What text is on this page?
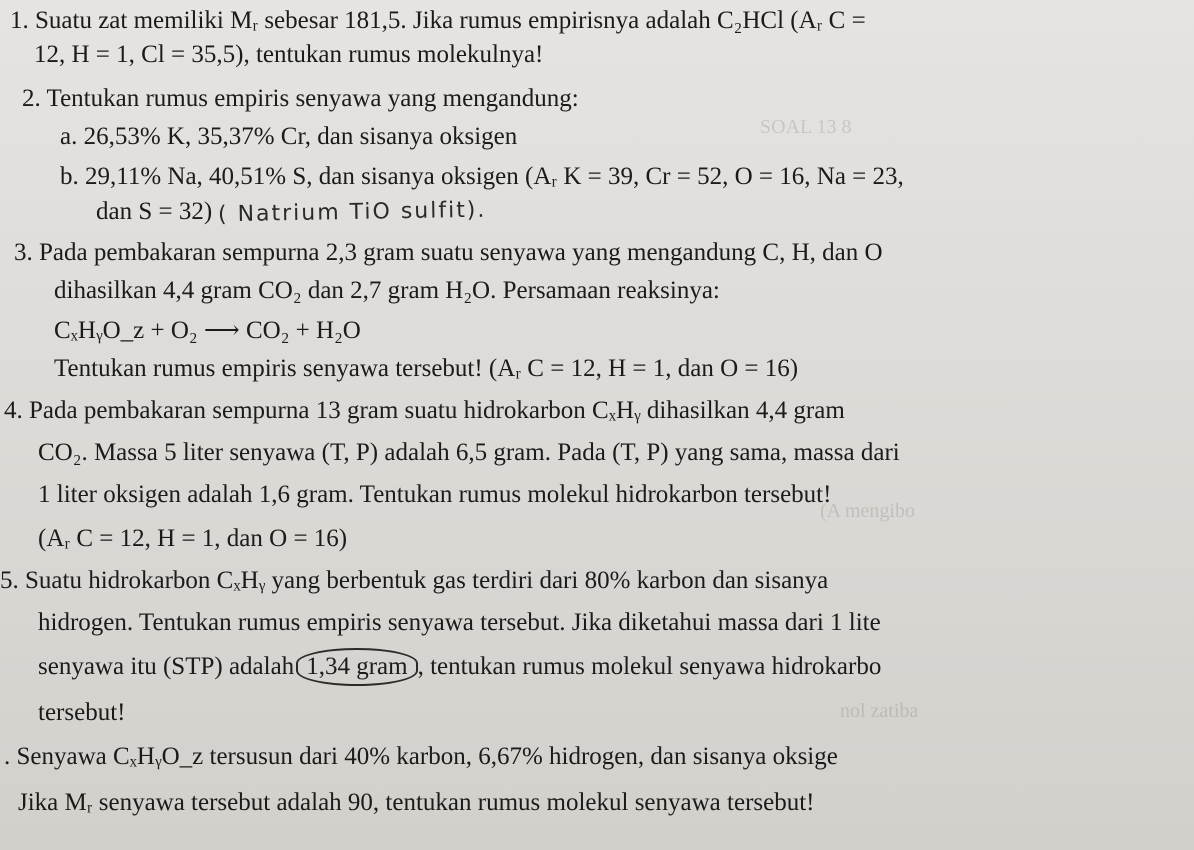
SOAL 13 8
(A mengibo
nol zatiba
1. Suatu zat memiliki Mᵣ sebesar 181,5. Jika rumus empirisnya adalah C₂HCl (Aᵣ C =
12, H = 1, Cl = 35,5), tentukan rumus molekulnya!
2. Tentukan rumus empiris senyawa yang mengandung:
a. 26,53% K, 35,37% Cr, dan sisanya oksigen
b. 29,11% Na, 40,51% S, dan sisanya oksigen (Aᵣ K = 39, Cr = 52, O = 16, Na = 23,
dan S = 32) ( Natrium TiO sulfit).
3. Pada pembakaran sempurna 2,3 gram suatu senyawa yang mengandung C, H, dan O
dihasilkan 4,4 gram CO₂ dan 2,7 gram H₂O. Persamaan reaksinya:
CₓHᵧO_z + O₂ ⟶ CO₂ + H₂O
Tentukan rumus empiris senyawa tersebut! (Aᵣ C = 12, H = 1, dan O = 16)
4. Pada pembakaran sempurna 13 gram suatu hidrokarbon CₓHᵧ dihasilkan 4,4 gram
CO₂. Massa 5 liter senyawa (T, P) adalah 6,5 gram. Pada (T, P) yang sama, massa dari
1 liter oksigen adalah 1,6 gram. Tentukan rumus molekul hidrokarbon tersebut!
(Aᵣ C = 12, H = 1, dan O = 16)
5. Suatu hidrokarbon CₓHᵧ yang berbentuk gas terdiri dari 80% karbon dan sisanya
hidrogen. Tentukan rumus empiris senyawa tersebut. Jika diketahui massa dari 1 lite
senyawa itu (STP) adalah 1,34 gram , tentukan rumus molekul senyawa hidrokarbo
tersebut!
. Senyawa CₓHᵧO_z tersusun dari 40% karbon, 6,67% hidrogen, dan sisanya oksige
Jika Mᵣ senyawa tersebut adalah 90, tentukan rumus molekul senyawa tersebut!
